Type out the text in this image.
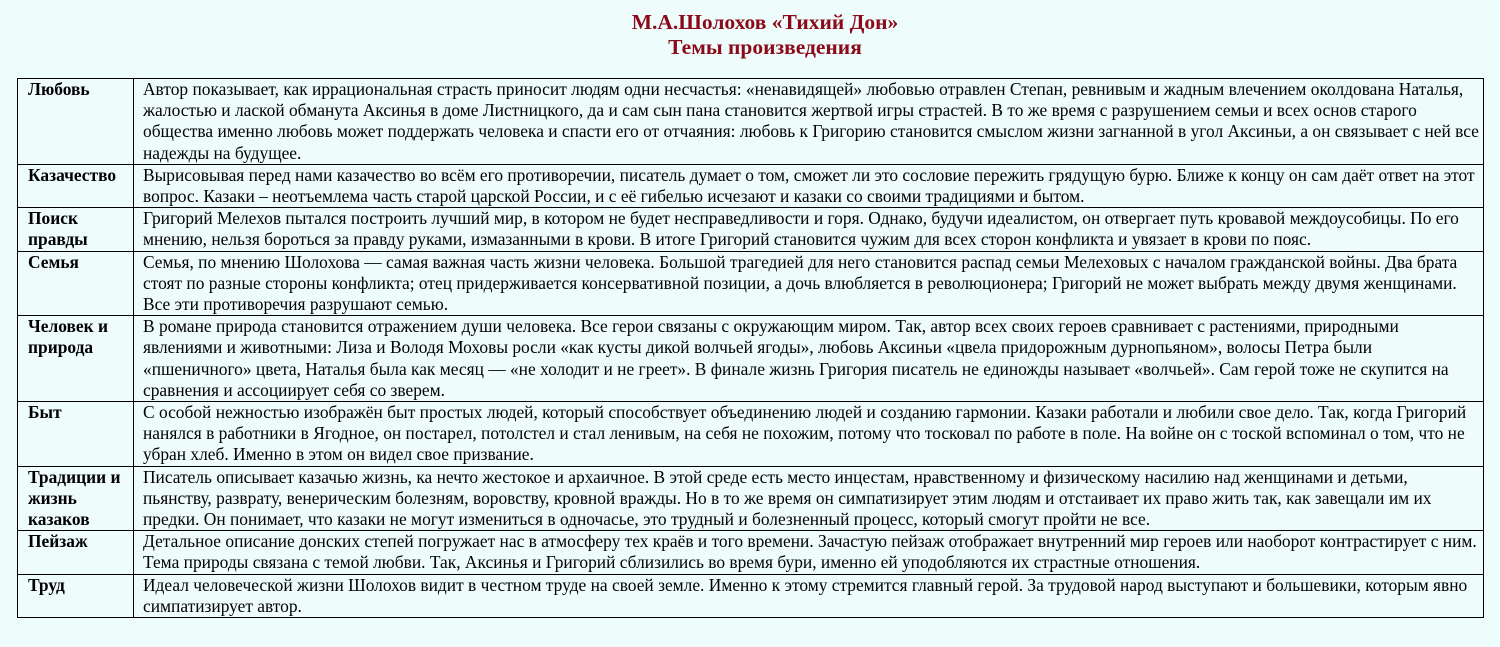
М.А.Шолохов «Тихий Дон»
Темы произведения
Любовь	Автор показывает, как иррациональная страсть приносит людям одни несчастья: «ненавидящей» любовью отравлен Степан, ревнивым и жадным влечением околдована Наталья, жалостью и лаской обманута Аксинья в доме Листницкого, да и сам сын пана становится жертвой игры страстей. В то же время с разрушением семьи и всех основ старого общества именно любовь может поддержать человека и спасти его от отчаяния: любовь к Григорию становится смыслом жизни загнанной в угол Аксиньи, а он связывает с ней все надежды на будущее.
Казачество	Вырисовывая перед нами казачество во всём его противоречии, писатель думает о том, сможет ли это сословие пережить грядущую бурю. Ближе к концу он сам даёт ответ на этот вопрос. Казаки – неотъемлема часть старой царской России, и с её гибелью исчезают и казаки со своими традициями и бытом.
Поиск правды	Григорий Мелехов пытался построить лучший мир, в котором не будет несправедливости и горя. Однако, будучи идеалистом, он отвергает путь кровавой междоусобицы. По его мнению, нельзя бороться за правду руками, измазанными в крови. В итоге Григорий становится чужим для всех сторон конфликта и увязает в крови по пояс.
Семья	Семья, по мнению Шолохова — самая важная часть жизни человека. Большой трагедией для него становится распад семьи Мелеховых с началом гражданской войны. Два брата стоят по разные стороны конфликта; отец придерживается консервативной позиции, а дочь влюбляется в революционера; Григорий не может выбрать между двумя женщинами. Все эти противоречия разрушают семью.
Человек и природа	В романе природа становится отражением души человека. Все герои связаны с окружающим миром. Так, автор всех своих героев сравнивает с растениями, природными явлениями и животными: Лиза и Володя Моховы росли «как кусты дикой волчьей ягоды», любовь Аксиньи «цвела придорожным дурнопьяном», волосы Петра были «пшеничного» цвета, Наталья была как месяц — «не холодит и не греет». В финале жизнь Григория писатель не единожды называет «волчьей». Сам герой тоже не скупится на сравнения и ассоциирует себя со зверем.
Быт	С особой нежностью изображён быт простых людей, который способствует объединению людей и созданию гармонии. Казаки работали и любили свое дело. Так, когда Григорий нанялся в работники в Ягодное, он постарел, потолстел и стал ленивым, на себя не похожим, потому что тосковал по работе в поле. На войне он с тоской вспоминал о том, что не убран хлеб. Именно в этом он видел свое призвание.
Традиции и жизнь казаков	Писатель описывает казачью жизнь, ка нечто жестокое и архаичное. В этой среде есть место инцестам, нравственному и физическому насилию над женщинами и детьми, пьянству, разврату, венерическим болезням, воровству, кровной вражды. Но в то же время он симпатизирует этим людям и отстаивает их право жить так, как завещали им их предки. Он понимает, что казаки не могут измениться в одночасье, это трудный и болезненный процесс, который смогут пройти не все.
Пейзаж	Детальное описание донских степей погружает нас в атмосферу тех краёв и того времени. Зачастую пейзаж отображает внутренний мир героев или наоборот контрастирует с ним. Тема природы связана с темой любви. Так, Аксинья и Григорий сблизились во время бури, именно ей уподобляются их страстные отношения.
Труд	Идеал человеческой жизни Шолохов видит в честном труде на своей земле. Именно к этому стремится главный герой. За трудовой народ выступают и большевики, которым явно симпатизирует автор.
